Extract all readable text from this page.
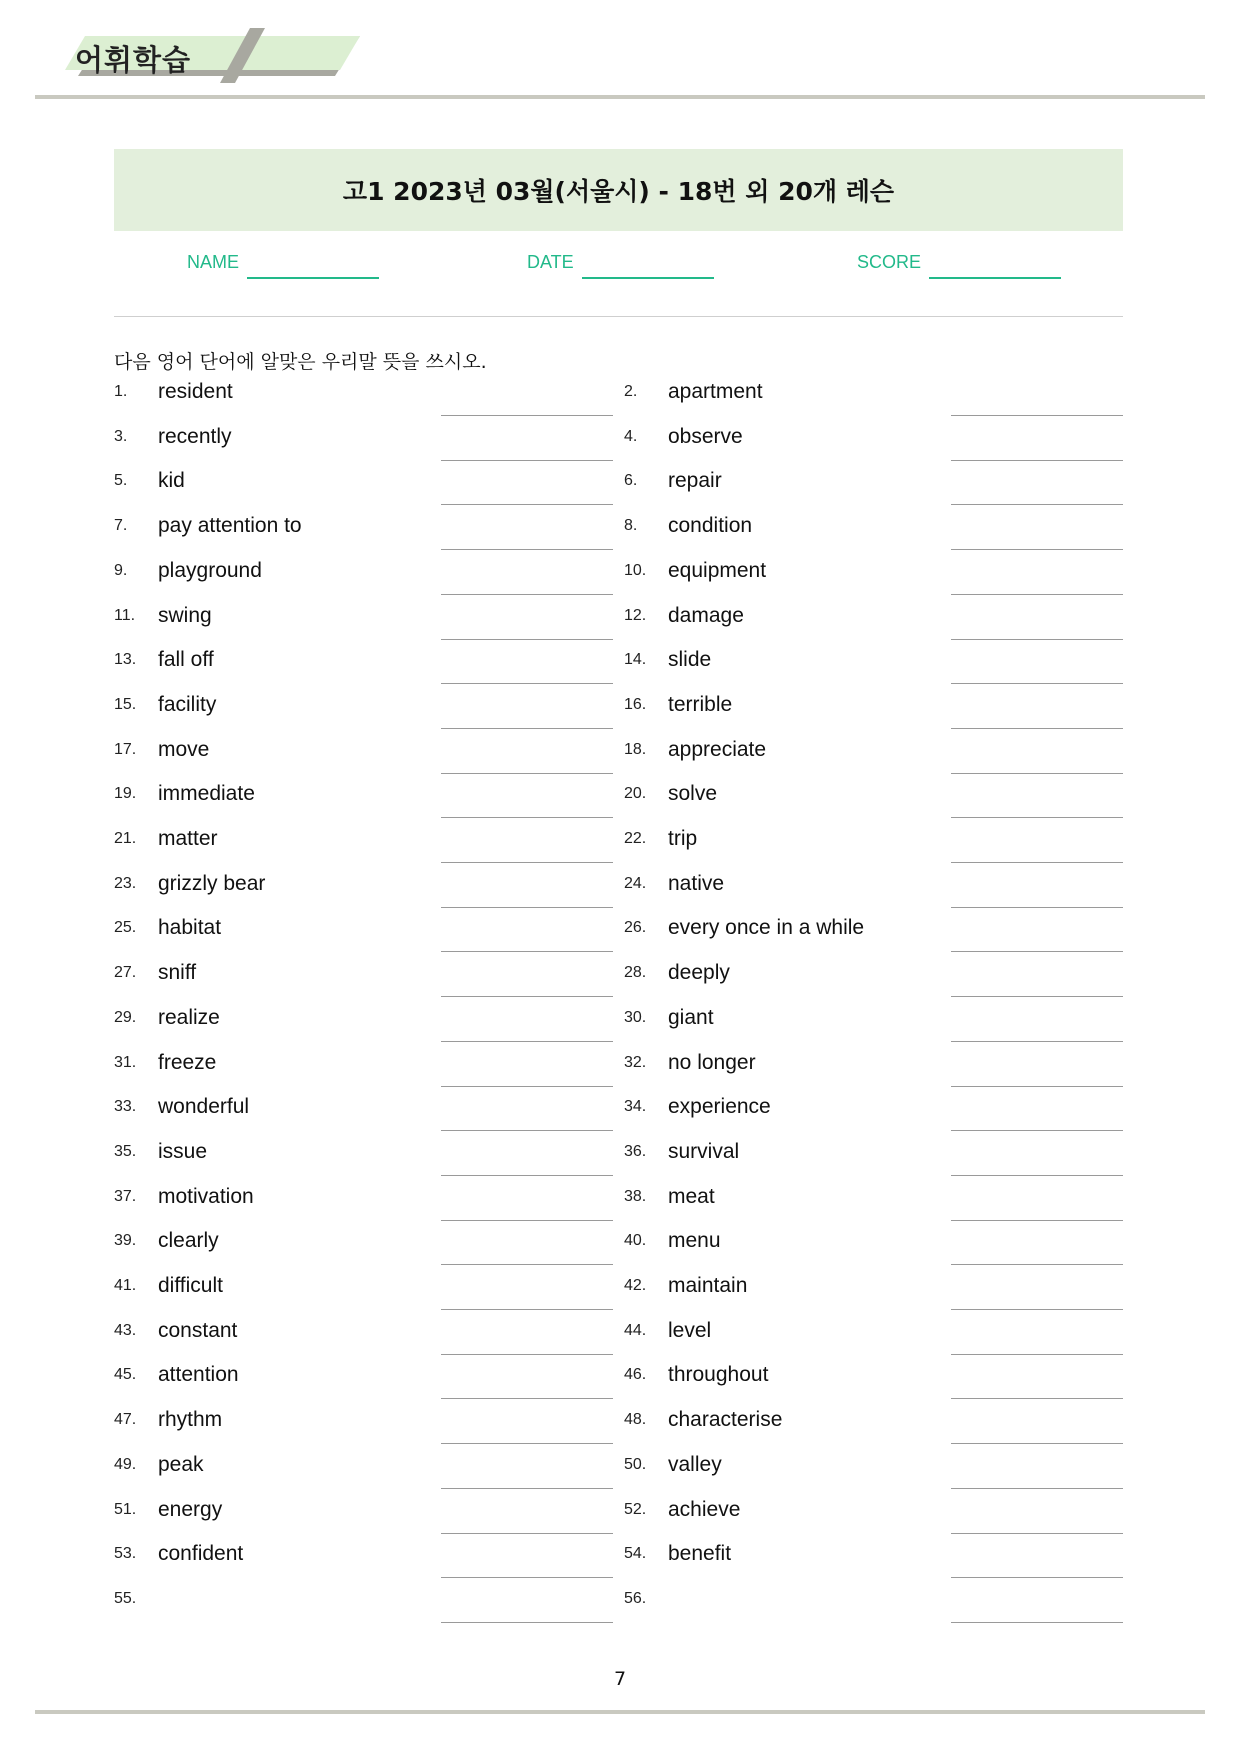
어휘학습
고1 2023년 03월(서울시) - 18번 외 20개 레슨
NAME	DATE	SCORE
다음 영어 단어에 알맞은 우리말 뜻을 쓰시오.
1. resident	2. apartment
3. recently	4. observe
5. kid	6. repair
7. pay attention to	8. condition
9. playground	10. equipment
11. swing	12. damage
13. fall off	14. slide
15. facility	16. terrible
17. move	18. appreciate
19. immediate	20. solve
21. matter	22. trip
23. grizzly bear	24. native
25. habitat	26. every once in a while
27. sniff	28. deeply
29. realize	30. giant
31. freeze	32. no longer
33. wonderful	34. experience
35. issue	36. survival
37. motivation	38. meat
39. clearly	40. menu
41. difficult	42. maintain
43. constant	44. level
45. attention	46. throughout
47. rhythm	48. characterise
49. peak	50. valley
51. energy	52. achieve
53. confident	54. benefit
55.	56.
7
